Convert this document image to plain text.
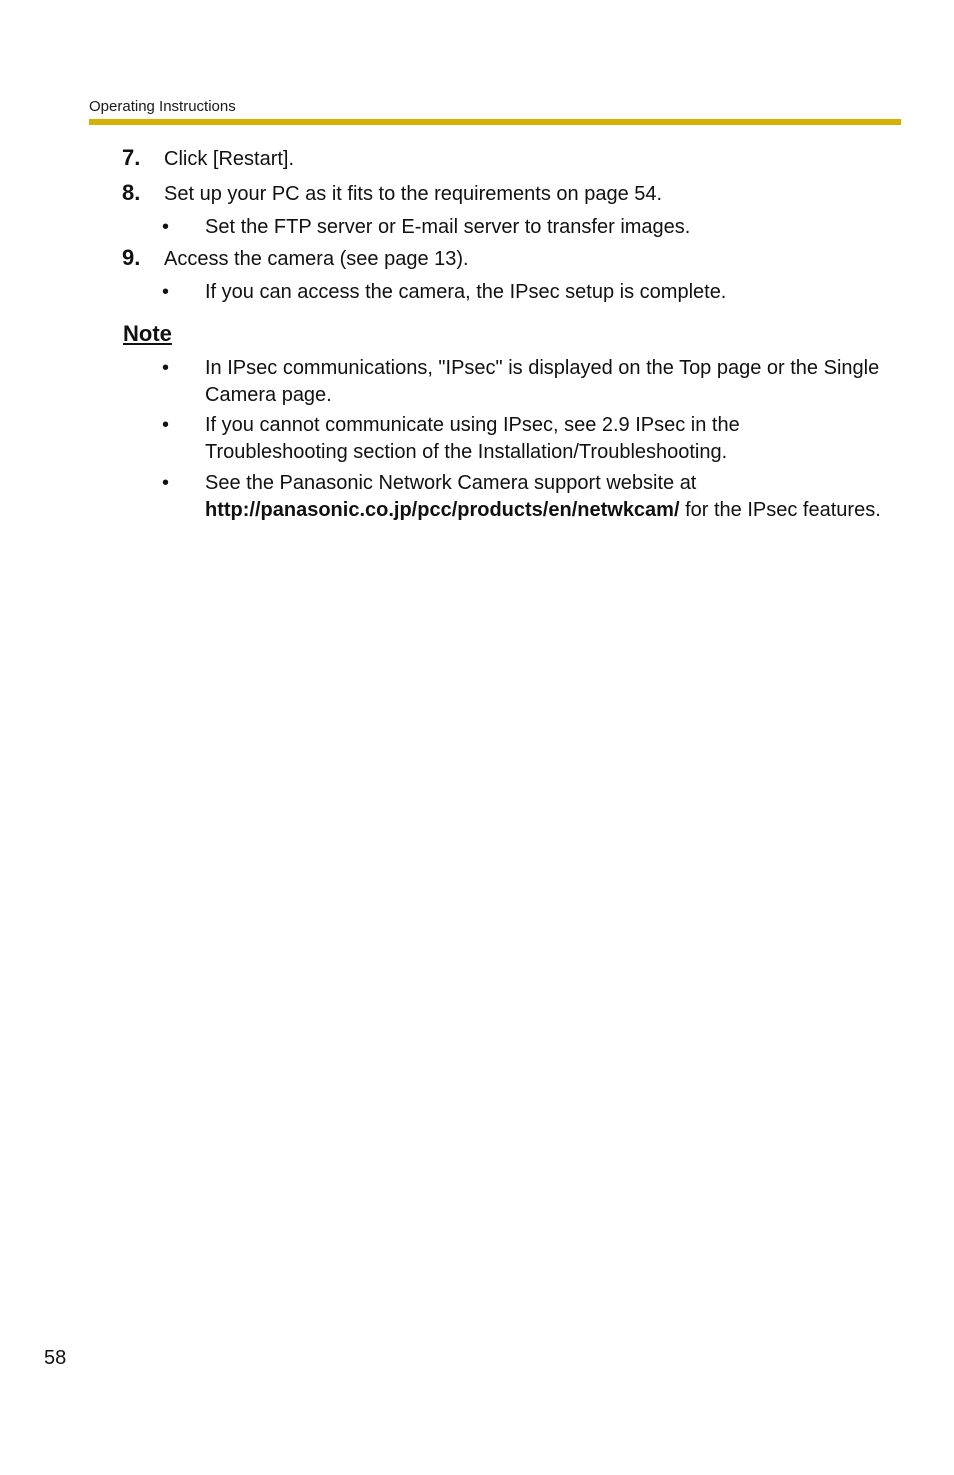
Operating Instructions
7. Click [Restart].
8. Set up your PC as it fits to the requirements on page 54.
• Set the FTP server or E-mail server to transfer images.
9. Access the camera (see page 13).
• If you can access the camera, the IPsec setup is complete.
Note
• In IPsec communications, "IPsec" is displayed on the Top page or the Single Camera page.
• If you cannot communicate using IPsec, see 2.9 IPsec in the Troubleshooting section of the Installation/Troubleshooting.
• See the Panasonic Network Camera support website at
http://panasonic.co.jp/pcc/products/en/netwkcam/ for the IPsec features.
58
